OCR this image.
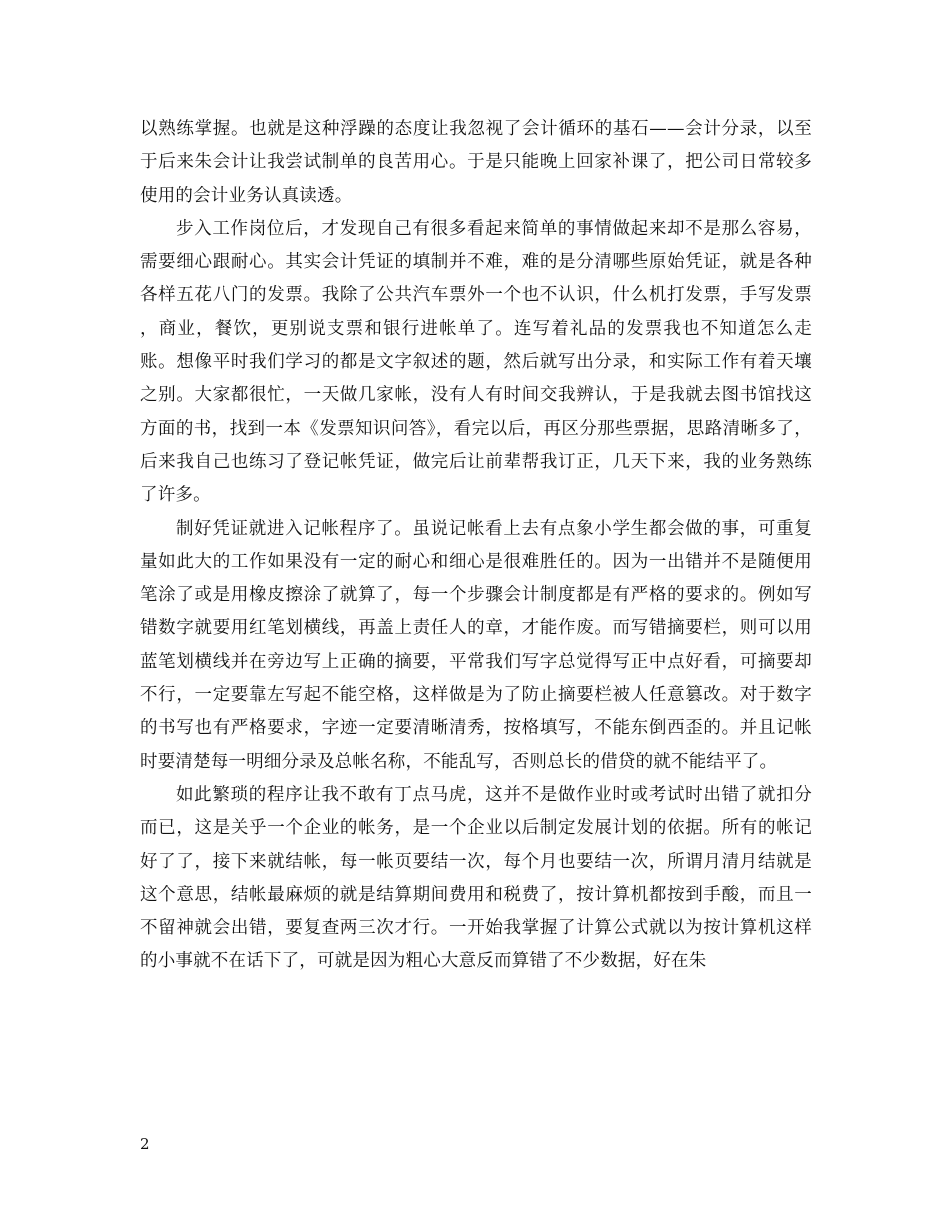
以熟练掌握。也就是这种浮躁的态度让我忽视了会计循环的基石——会计分录，以至于后来朱会计让我尝试制单的良苦用心。于是只能晚上回家补课了，把公司日常较多使用的会计业务认真读透。

步入工作岗位后，才发现自己有很多看起来简单的事情做起来却不是那么容易，需要细心跟耐心。其实会计凭证的填制并不难，难的是分清哪些原始凭证，就是各种各样五花八门的发票。我除了公共汽车票外一个也不认识，什么机打发票，手写发票 ，商业，餐饮，更别说支票和银行进帐单了。连写着礼品的发票我也不知道怎么走账。想像平时我们学习的都是文字叙述的题，然后就写出分录，和实际工作有着天壤之别。大家都很忙，一天做几家帐，没有人有时间交我辨认，于是我就去图书馆找这方面的书，找到一本《发票知识问答》，看完以后，再区分那些票据，思路清晰多了，后来我自己也练习了登记帐凭证，做完后让前辈帮我订正，几天下来，我的业务熟练了许多。

制好凭证就进入记帐程序了。虽说记帐看上去有点象小学生都会做的事，可重复量如此大的工作如果没有一定的耐心和细心是很难胜任的。因为一出错并不是随便用笔涂了或是用橡皮擦涂了就算了，每一个步骤会计制度都是有严格的要求的。例如写错数字就要用红笔划横线，再盖上责任人的章，才能作废。而写错摘要栏，则可以用蓝笔划横线并在旁边写上正确的摘要，平常我们写字总觉得写正中点好看，可摘要却不行，一定要靠左写起不能空格，这样做是为了防止摘要栏被人任意篡改。对于数字的书写也有严格要求，字迹一定要清晰清秀，按格填写，不能东倒西歪的。并且记帐时要清楚每一明细分录及总帐名称，不能乱写，否则总长的借贷的就不能结平了。

如此繁琐的程序让我不敢有丁点马虎，这并不是做作业时或考试时出错了就扣分而已，这是关乎一个企业的帐务，是一个企业以后制定发展计划的依据。所有的帐记好了了，接下来就结帐，每一帐页要结一次，每个月也要结一次，所谓月清月结就是这个意思，结帐最麻烦的就是结算期间费用和税费了，按计算机都按到手酸，而且一不留神就会出错，要复查两三次才行。一开始我掌握了计算公式就以为按计算机这样的小事就不在话下了，可就是因为粗心大意反而算错了不少数据，好在朱

2
